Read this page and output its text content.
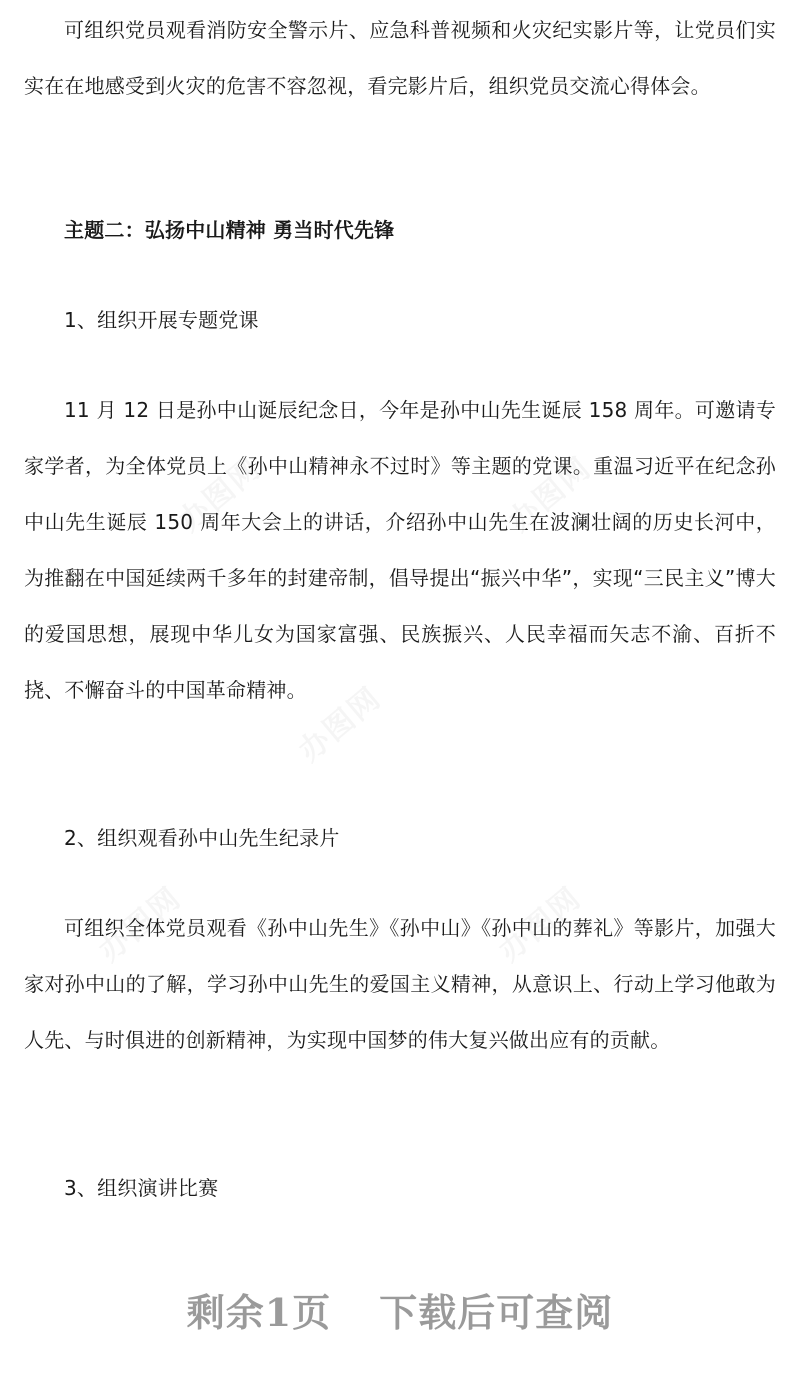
办图网	办图网
办图网
办图网	办图网

可组织党员观看消防安全警示片、应急科普视频和火灾纪实影片等，让党员们实实在在地感受到火灾的危害不容忽视，看完影片后，组织党员交流心得体会。

主题二：弘扬中山精神 勇当时代先锋

1、组织开展专题党课

11 月 12 日是孙中山诞辰纪念日，今年是孙中山先生诞辰 158 周年。可邀请专家学者，为全体党员上《孙中山精神永不过时》等主题的党课。重温习近平在纪念孙中山先生诞辰 150 周年大会上的讲话，介绍孙中山先生在波澜壮阔的历史长河中，为推翻在中国延续两千多年的封建帝制，倡导提出“振兴中华”，实现“三民主义”博大的爱国思想，展现中华儿女为国家富强、民族振兴、人民幸福而矢志不渝、百折不挠、不懈奋斗的中国革命精神。

2、组织观看孙中山先生纪录片

可组织全体党员观看《孙中山先生》《孙中山》《孙中山的葬礼》等影片，加强大家对孙中山的了解，学习孙中山先生的爱国主义精神，从意识上、行动上学习他敢为人先、与时俱进的创新精神，为实现中国梦的伟大复兴做出应有的贡献。

3、组织演讲比赛

剩余1页 下载后可查阅
